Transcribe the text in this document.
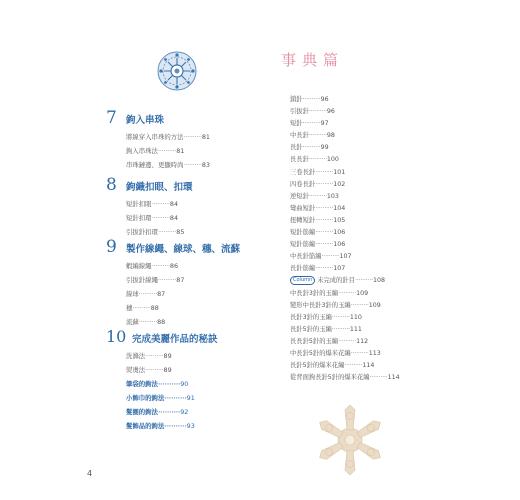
7 鉤入串珠
將線穿入串珠的方法··········81
鉤入串珠法··········81
串珠鏈邊、更顯時尚··········83
8 鉤織扣眼、扣環
短針扣眼··········84
短針扣環··········84
引拔針扣環··········85
9 製作線繩、線球、穗、流蘇
蝦編線繩··········86
引拔針線繩··········87
線球··········87
穗··········88
流蘇··········88
10 完成美麗作品的秘訣
洗滌法··········89
熨燙法··········89
筆袋的鉤法··········90
小飾巾的鉤法··········91
髮圈的鉤法··········92
髮飾品的鉤法··········93
事典篇
鎖針··········96
引拔針··········96
短針··········97
中長針··········98
長針··········99
長長針··········100
三卷長針··········101
四卷長針··········102
逆短針··········103
彎曲短針··········104
扭轉短針··········105
短針筋編··········106
短針筋編··········106
中長針筋編··········107
長針筋編··········107
Column 未完成的針目··········108
中長針3針的玉編··········109
變形中長針3針的玉編··········109
長針3針的玉編··········110
長針5針的玉編··········111
長長針5針的玉編··········112
中長針5針的爆米花編··········113
長針5針的爆米花編··········114
從背面鉤長針5針的爆米花編··········114
4
